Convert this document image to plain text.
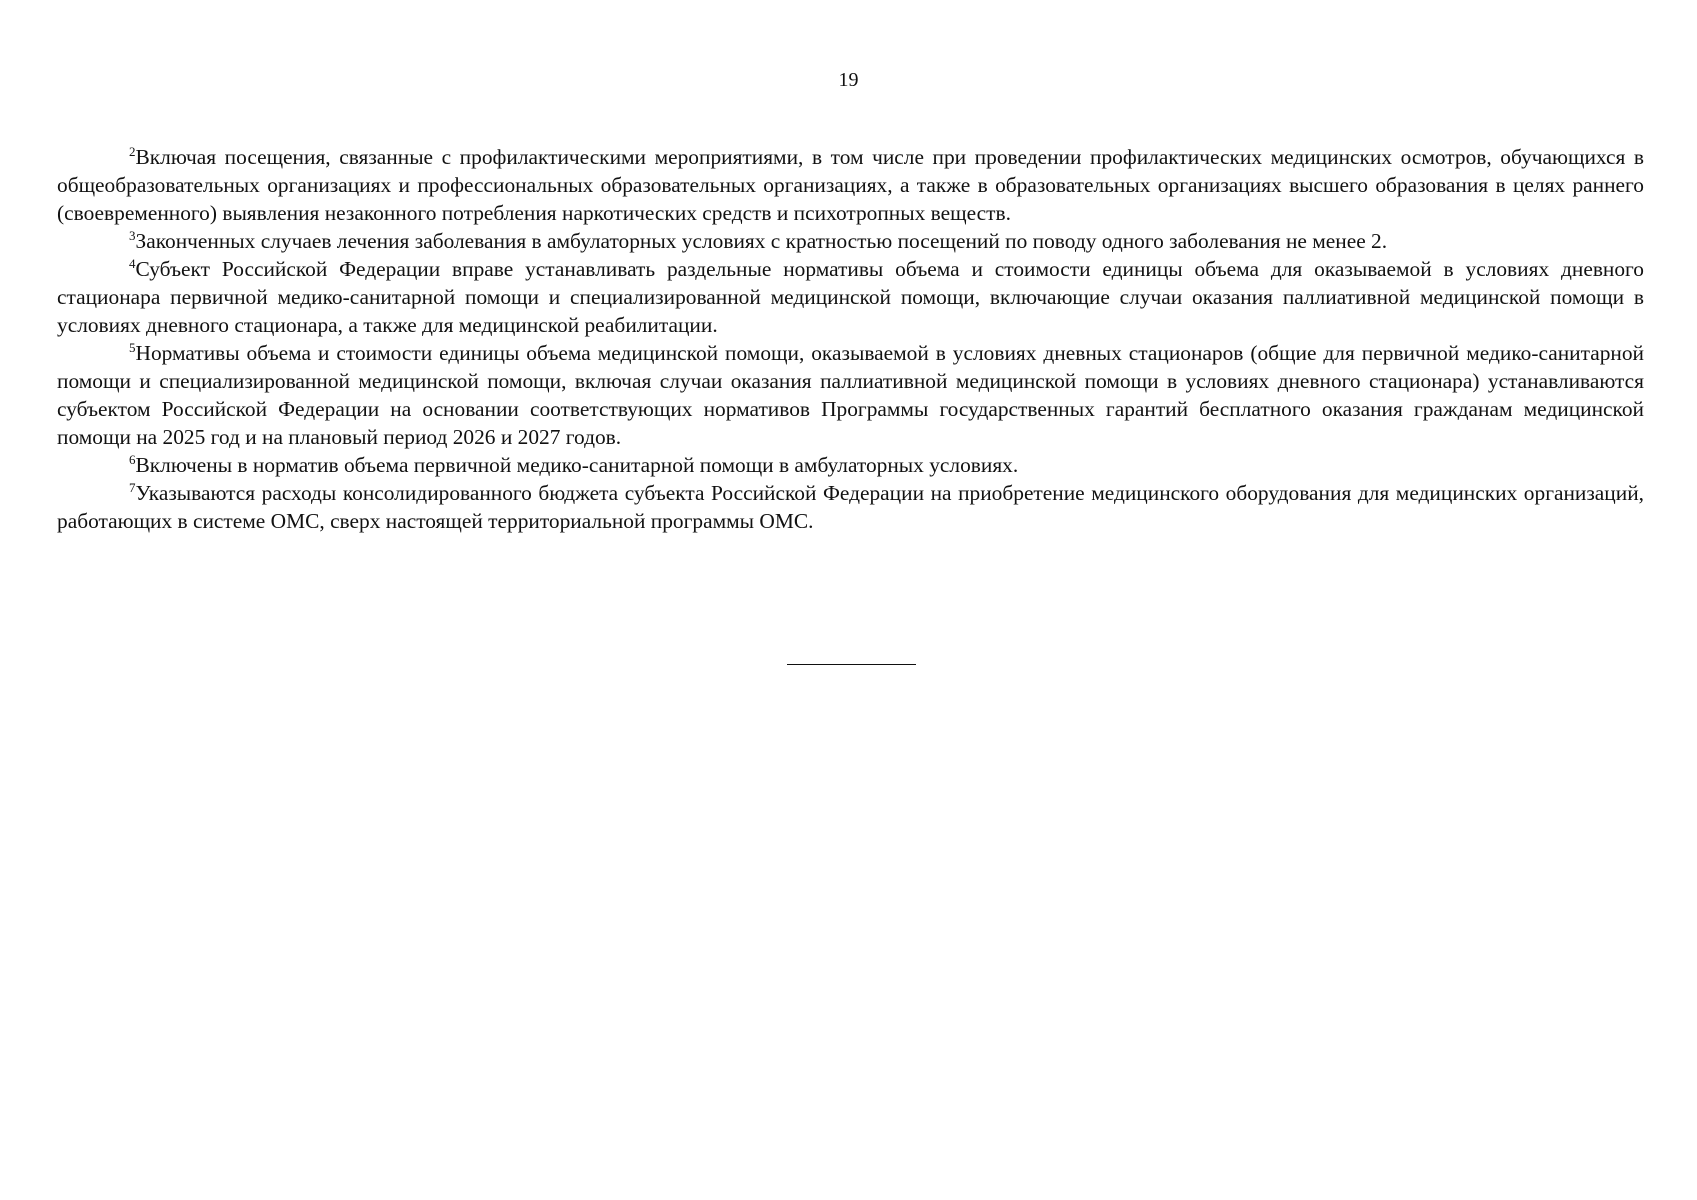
19

$^2$Включая посещения, связанные с профилактическими мероприятиями, в том числе при проведении профилактических медицинских осмотров, обучающихся в общеобразовательных организациях и профессиональных образовательных организациях, а также в образовательных организациях высшего образования в целях раннего (своевременного) выявления незаконного потребления наркотических средств и психотропных веществ.

$^3$Законченных случаев лечения заболевания в амбулаторных условиях с кратностью посещений по поводу одного заболевания не менее 2.

$^4$Субъект Российской Федерации вправе устанавливать раздельные нормативы объема и стоимости единицы объема для оказываемой в условиях дневного стационара первичной медико-санитарной помощи и специализированной медицинской помощи, включающие случаи оказания паллиативной медицинской помощи в условиях дневного стационара, а также для медицинской реабилитации.

$^5$Нормативы объема и стоимости единицы объема медицинской помощи, оказываемой в условиях дневных стационаров (общие для первичной медико-санитарной помощи и специализированной медицинской помощи, включая случаи оказания паллиативной медицинской помощи в условиях дневного стационара) устанавливаются субъектом Российской Федерации на основании соответствующих нормативов Программы государственных гарантий бесплатного оказания гражданам медицинской помощи на 2025 год и на плановый период 2026 и 2027 годов.

$^6$Включены в норматив объема первичной медико-санитарной помощи в амбулаторных условиях.

$^7$Указываются расходы консолидированного бюджета субъекта Российской Федерации на приобретение медицинского оборудования для медицинских организаций, работающих в системе ОМС, сверх настоящей территориальной программы ОМС.
